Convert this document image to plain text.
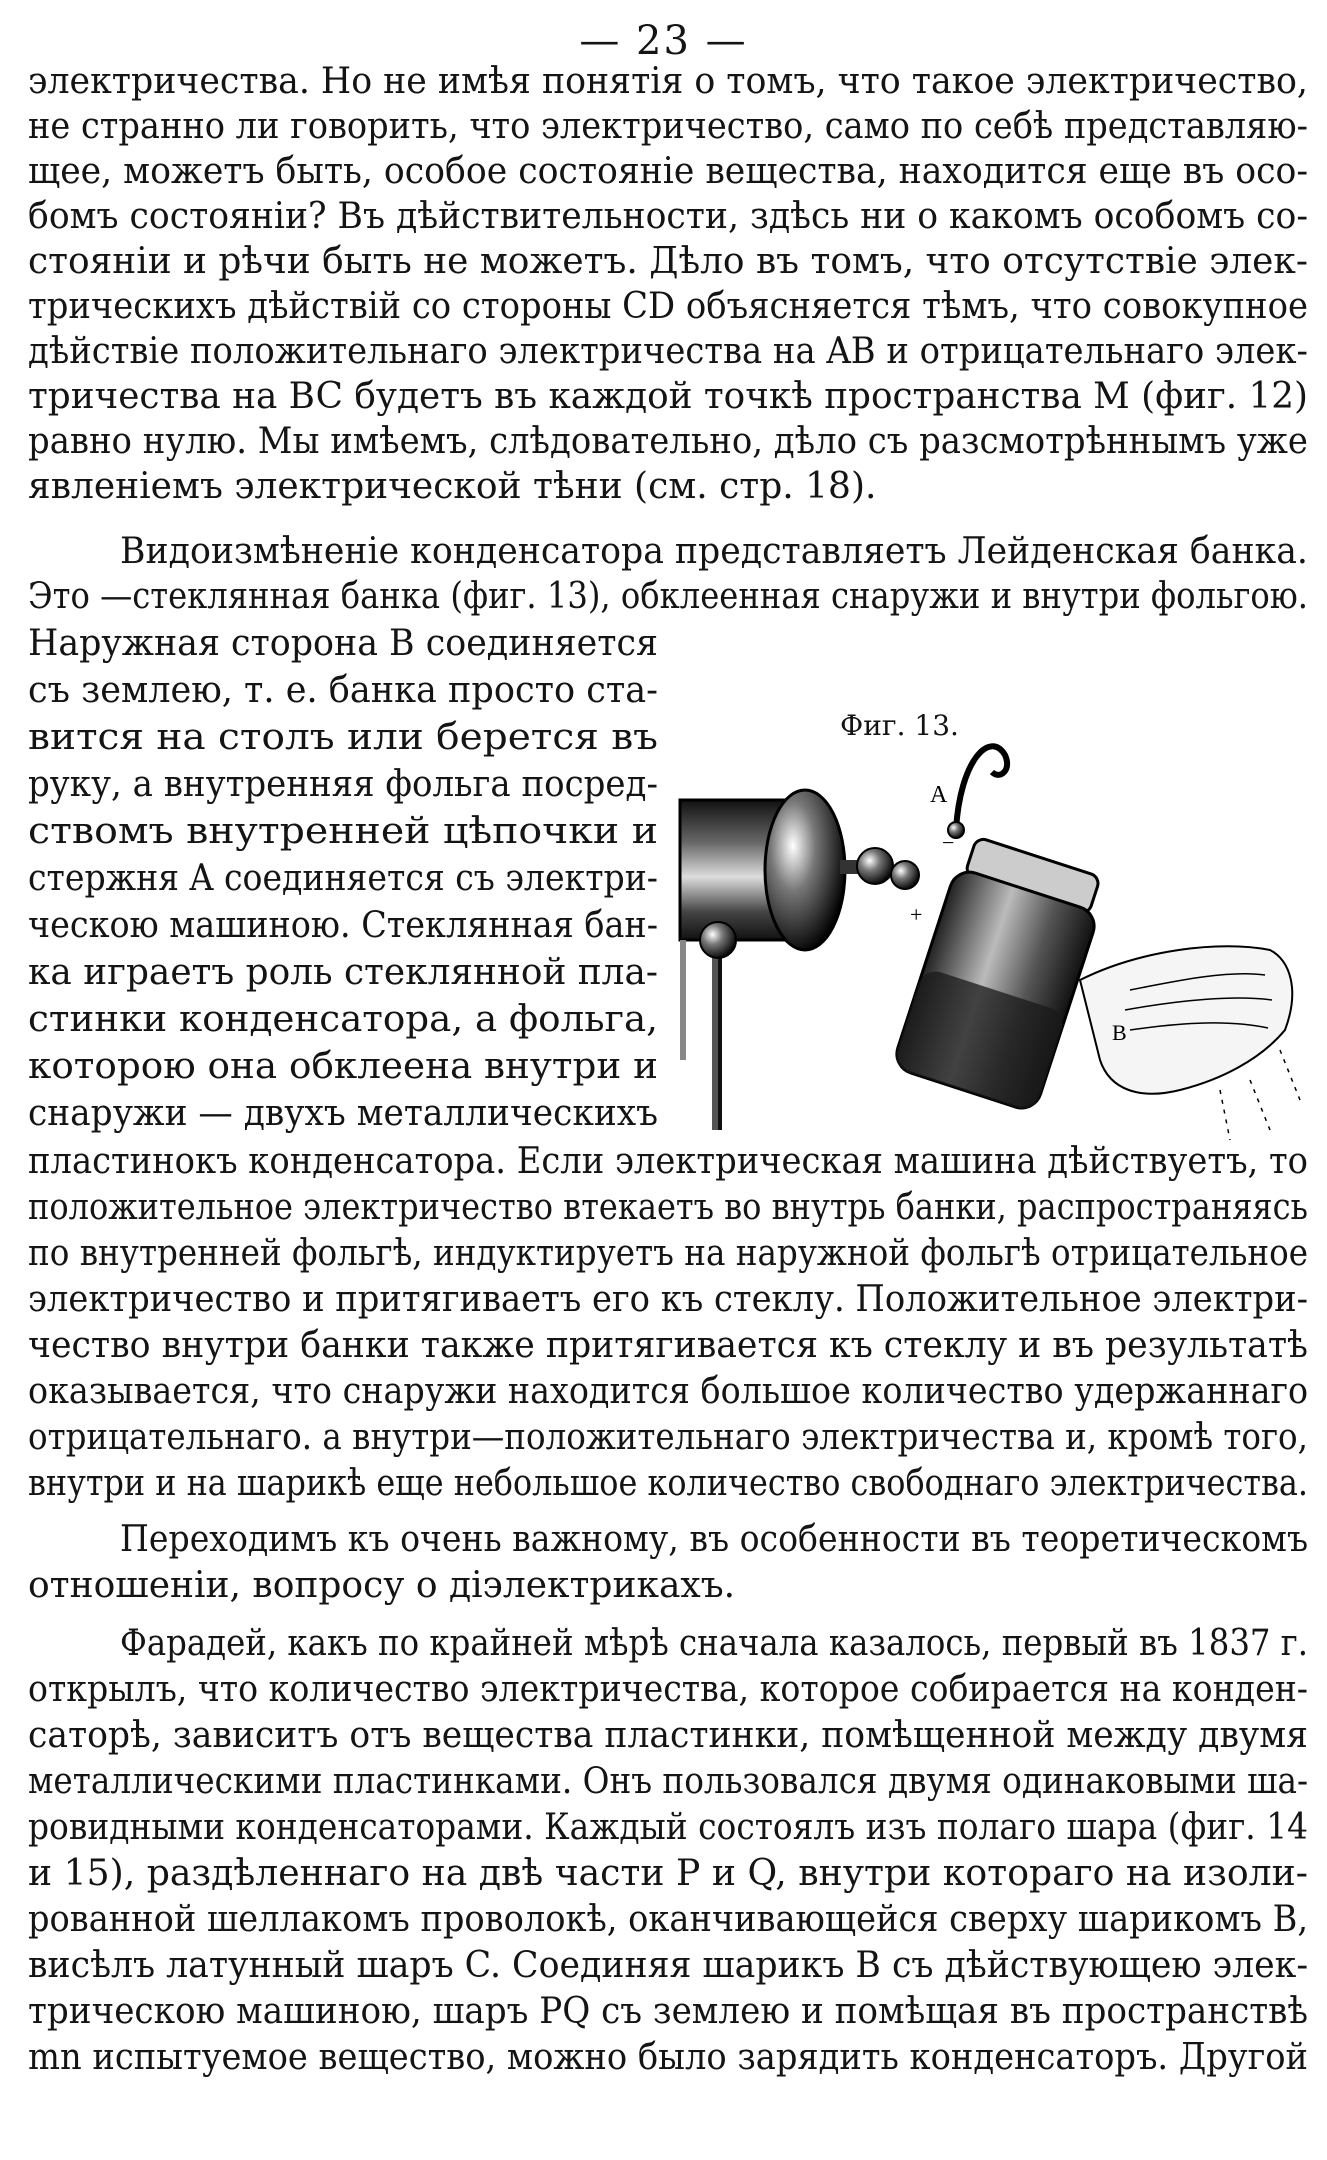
— 23 —
электричества. Но не имѣя понятія о томъ, что такое электричество,
не странно ли говорить, что электричество, само по себѣ представляю-
щее, можетъ быть, особое состояніе вещества, находится еще въ осо-
бомъ состояніи? Въ дѣйствительности, здѣсь ни о какомъ особомъ со-
стояніи и рѣчи быть не можетъ. Дѣло въ томъ, что отсутствіе элек-
трическихъ дѣйствій со стороны CD объясняется тѣмъ, что совокупное
дѣйствіе положительнаго электричества на AB и отрицательнаго элек-
тричества на BC будетъ въ каждой точкѣ пространства M (фиг. 12)
равно нулю. Мы имѣемъ, слѣдовательно, дѣло съ разсмотрѣннымъ уже
явленіемъ электрической тѣни (см. стр. 18).
Видоизмѣненіе конденсатора представляетъ Лейденская банка.
Это —стеклянная банка (фиг. 13), обклеенная снаружи и внутри фольгою.
Наружная сторона B соединяется
съ землею, т. е. банка просто ста-
вится на столъ или берется въ
руку, а внутренняя фольга посред-
ствомъ внутренней цѣпочки и
стержня A соединяется съ электри-
ческою машиною. Стеклянная бан-
ка играетъ роль стеклянной пла-
стинки конденсатора, а фольга,
которою она обклеена внутри и
снаружи — двухъ металлическихъ
пластинокъ конденсатора. Если электрическая машина дѣйствуетъ, то
положительное электричество втекаетъ во внутрь банки, распространяясь
по внутренней фольгѣ, индуктируетъ на наружной фольгѣ отрицательное
электричество и притягиваетъ его къ стеклу. Положительное электри-
чество внутри банки также притягивается къ стеклу и въ результатѣ
оказывается, что снаружи находится большое количество удержаннаго
отрицательнаго. а внутри—положительнаго электричества и, кромѣ того,
внутри и на шарикѣ еще небольшое количество свободнаго электричества.
Переходимъ къ очень важному, въ особенности въ теоретическомъ
отношеніи, вопросу о діэлектрикахъ.
Фарадей, какъ по крайней мѣрѣ сначала казалось, первый въ 1837 г.
открылъ, что количество электричества, которое собирается на конден-
саторѣ, зависитъ отъ вещества пластинки, помѣщенной между двумя
металлическими пластинками. Онъ пользовался двумя одинаковыми ша-
ровидными конденсаторами. Каждый состоялъ изъ полаго шара (фиг. 14
и 15), раздѣленнаго на двѣ части P и Q, внутри котораго на изоли-
рованной шеллакомъ проволокѣ, оканчивающейся сверху шарикомъ B,
висѣлъ латунный шаръ C. Соединяя шарикъ B съ дѣйствующею элек-
трическою машиною, шаръ PQ съ землею и помѣщая въ пространствѣ
mn испытуемое вещество, можно было зарядить конденсаторъ. Другой
Фиг. 13.
A
B
+
−
